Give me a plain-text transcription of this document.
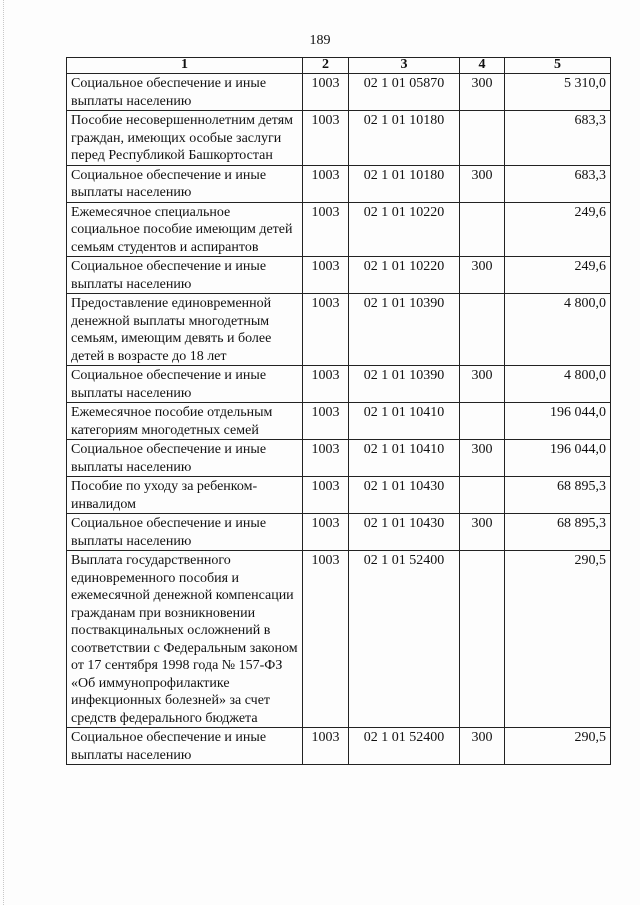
189
1	2	3	4	5
Социальное обеспечение и иные выплаты населению	1003	02 1 01 05870	300	5 310,0
Пособие несовершеннолетним детям граждан, имеющих особые заслуги перед Республикой Башкортостан	1003	02 1 01 10180		683,3
Социальное обеспечение и иные выплаты населению	1003	02 1 01 10180	300	683,3
Ежемесячное специальное социальное пособие имеющим детей семьям студентов и аспирантов	1003	02 1 01 10220		249,6
Социальное обеспечение и иные выплаты населению	1003	02 1 01 10220	300	249,6
Предоставление единовременной денежной выплаты многодетным семьям, имеющим девять и более детей в возрасте до 18 лет	1003	02 1 01 10390		4 800,0
Социальное обеспечение и иные выплаты населению	1003	02 1 01 10390	300	4 800,0
Ежемесячное пособие отдельным категориям многодетных семей	1003	02 1 01 10410		196 044,0
Социальное обеспечение и иные выплаты населению	1003	02 1 01 10410	300	196 044,0
Пособие по уходу за ребенком-инвалидом	1003	02 1 01 10430		68 895,3
Социальное обеспечение и иные выплаты населению	1003	02 1 01 10430	300	68 895,3
Выплата государственного единовременного пособия и ежемесячной денежной компенсации гражданам при возникновении поствакцинальных осложнений в соответствии с Федеральным законом от 17 сентября 1998 года № 157-ФЗ «Об иммунопрофилактике инфекционных болезней» за счет средств федерального бюджета	1003	02 1 01 52400		290,5
Социальное обеспечение и иные выплаты населению	1003	02 1 01 52400	300	290,5
